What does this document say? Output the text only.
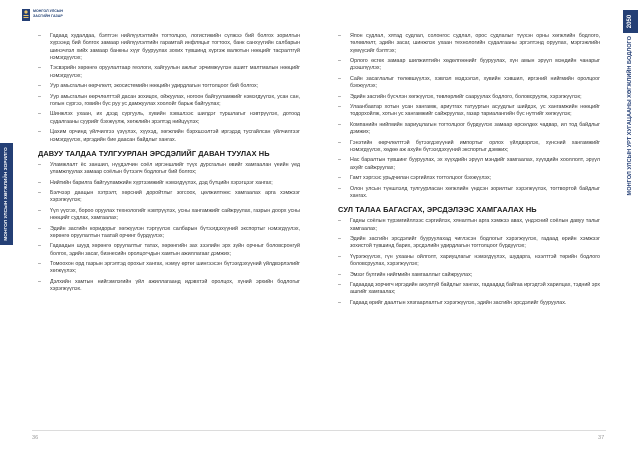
МОНГОЛ УЛСЫН
ЗАСГИЙН ГАЗАР
МОНГОЛ УЛСЫН ХӨГЖЛИЙН ЗОРИЛГО
2050
МОНГОЛ УЛСЫН УРТ ХУГАЦААНЫ ХӨГЖЛИЙН БОДЛОГО
– Гадаад худалдаа, бэлтгэн нийлүүлэлтийн тогтолцоо, логистикийн сүлжээ бий болгох зорилгын хүрээнд бий болгох замаар нийлүүлэлтийн гарамтай инфляцыг тогтоох, банк санхүүгийн салбарын шинэчлэл хийх замаар банкны хүүг бууруулах зохих түвшинд хүргэж валютын нөөцийг тасралтгүй нэмэгдүүлэх;
– Тэсвэрийн хөрөнгө оруулалтаар геологи, хайгуулын ажлыг эрчимжүүлэн ашигт малтмалын нөөцийг нэмэгдүүлэх;
– Уур амьсгалын өөрчлөлт, экосистемийн нөөцийн удирдлагын тогтолцоог бий болгох;
– Уур амьсгалын өөрчлөлттэй дасан зохицох, ойжуулах, ногоон байгууламжийг нэмэгдүүлэх, усан сан, голын сүргээ, говийн бүс руу ус дамжуулах хоолойг барьж байгуулах;
– Шинжлэх ухаан, их дээд сургууль, хувийн хэвшлээс шилдэг туршлагыг нэвтрүүлэх, дотоод судалгааны суурийг бэхжүүлж, хөгжлийн эрэлтэд нийцүүлэх;
– Цахим орчинд үйлчилгээ үзүүлэх, хүүхэд, хөгжлийн бэрхшээлтэй иргэдэд тусгайлсан үйлчилгээг нэмэгдүүлэх, иргэдийн бие даасан байдлыг хангах.
ДАВУУ ТАЛДАА ТУЛГУУРЛАН ЭРСДЭЛИЙГ ДАВАН ТУУЛАХ НЬ
– Уламжлалт ёс заншил, нүүдэлчин соёл иргэншлийг түүх дурсгалын өвийг хамгаалан үеийн үед уламжлуулах замаар соёлын бүтээлч бодлогыг бий болгох;
– Нийтийн барилга байгууламжийн хүртээмжийг нэмэгдүүлэх, дэд бүтцийн хэрэгцээг хангах;
– Бэлчээр даацын хэтрэлт, хөрсний доройтлыг зогсоох, цөлжилтөөс хамгаалах арга хэмжээг хэрэгжүүлэх;
– Үүл үүсгэх, бороо оруулах технологийг нэвтрүүлэх, усны хангамжийг сайжруулах, газрын доорх усны нөөцийг судлах, хамгаалах;
– Эдийн засгийн коридорыг хөгжүүлэн тэргүүлэх салбарын бүтээгдэхүүний экспортыг нэмэгдүүлэх, хөрөнгө оруулалтын таатай орчинг бүрдүүлэх;
– Гадаадын шууд хөрөнгө оруулалтыг татах, хөрөнгийн зах зээлийн эрх зүйн орчныг боловсронгуй болгох, эдийн засаг, бизнесийн оролцогчдын хамтын ажиллагааг дэмжих;
– Томоохон орд газрын эргэлтэд орохыг хангах, нэмүү өртөг шингээсэн бүтээгдэхүүний үйлдвэрлэлийг хөгжүүлэх;
– Дэлхийн хамтын нийгэмлэгийн үйл ажиллагаанд идэвхтэй оролцох, хүний эрхийн бодлогыг хэрэгжүүлэх.
– Япон судлал, хятад судлал, солонгос судлал, орос судлалыг түүхэн орны хөгжлийн бодлого, төлөвлөлт, эдийн засаг, шинжлэх ухаан технологийн судалгааны эргэлтэнд оруулах, мэргэжлийн хүмүүсийг бэлтгэх;
– Орлого өсгөх замаар шилжилтийн хөдөлгөөнийг бууруулах, хүн амын эрүүл мэндийн чанарыг дээшлүүлэх;
– Сайн засаглалыг төлөвшүүлэх, хэвлэл мэдээлэл, хувийн хэвшил, иргэний нийгмийн оролцоог бэхжүүлэх;
– Эдийн засгийн бүсчлэн хөгжүүлэх, төвлөрлийг сааруулах бодлого, боловсруулж, хэрэгжүүлэх;
– Улаанбаатар хотын усан хангамж, ариутгах татуургын асуудлыг шийдэх, ус хангамжийн нөөцийг тодорхойлж, хотын ус хангамжийг сайжруулах, газар тариалангийн бүс нутгийг хөгжүүлэх;
– Компанийн нийгмийн хариуцлагын тогтолцоог бүрдүүлэх замаар өрсөлдөх чадвар, ил тод байдлыг дэмжих;
– Гэнэтийн өөрчлөлттэй бүтээгдэхүүний импортыг орлох үйлдвэрлэх, хүнсний хангамжийг нэмэгдүүлэх, хөдөө аж ахуйн бүтээгдэхүүний экспортыг дэмжих;
– Нас баралтын түвшинг бууруулах, эх хүүхдийн эрүүл мэндийг хамгаалах, хүүхдийн хооллолт, эрүүл ахуйг сайжруулах;
– Гамт хэргээс урьдчилан сэргийлэх тогтолцоог бэхжүүлэх;
– Олон улсын түншлэлд тулгуурласан хөгжлийн үндсэн зорилтыг хэрэгжүүлэх, тогтвортой байдлыг хангах.
СУЛ ТАЛАА БАГАСГАХ, ЭРСДЭЛЭЭС ХАМГААЛАХ НЬ
– Гадны соёлын түрэмгийллээс сэргийлэх, хяналтын арга хэмжээ авах, үндэсний соёлын давуу талыг хамгаалах;
– Эдийн засгийн эрсдэлийг бууруулахад чиглэсэн бодлогыг хэрэгжүүлэх, гадаад өрийн хэмжээг зохистой түвшинд барих, эрсдэлийн удирдлагын тогтолцоог бүрдүүлэх;
– Үүрэгжүүлэх, гүн ухааны ойлголт, хариуцлагыг нэмэгдүүлэх, шударга, нээлттэй төрийн бодлого боловсруулах, хэрэгжүүлэх;
– Эмзэг бүлгийн нийгмийн хамгааллыг сайжруулах;
– Гадаадад зорчигч иргэдийн аюулгүй байдлыг хангах, гадаадад байгаа иргэдтэй харилцах, тэдний эрх ашгийг хамгаалах;
– Гадаад өрийг даалтын хязгаарлалтыг хэрэгжүүлэх, эдийн засгийн эрсдэлийг бууруулах.
36	37
